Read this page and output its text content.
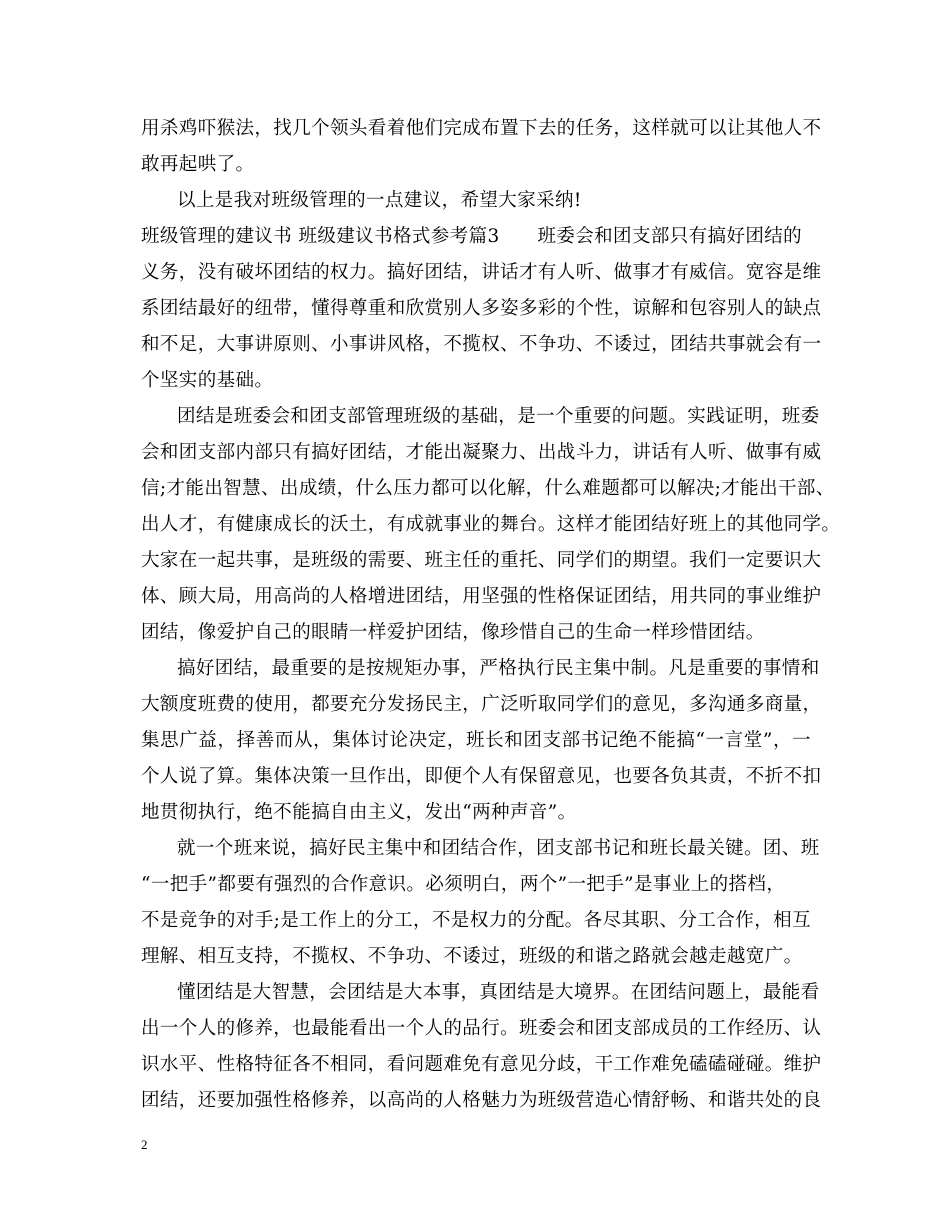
用杀鸡吓猴法，找几个领头看着他们完成布置下去的任务，这样就可以让其他人不
敢再起哄了。
以上是我对班级管理的一点建议，希望大家采纳!
班级管理的建议书 班级建议书格式参考篇3　　班委会和团支部只有搞好团结的
义务，没有破坏团结的权力。搞好团结，讲话才有人听、做事才有威信。宽容是维
系团结最好的纽带，懂得尊重和欣赏别人多姿多彩的个性，谅解和包容别人的缺点
和不足，大事讲原则、小事讲风格，不揽权、不争功、不诿过，团结共事就会有一
个坚实的基础。
团结是班委会和团支部管理班级的基础，是一个重要的问题。实践证明，班委
会和团支部内部只有搞好团结，才能出凝聚力、出战斗力，讲话有人听、做事有威
信;才能出智慧、出成绩，什么压力都可以化解，什么难题都可以解决;才能出干部、
出人才，有健康成长的沃土，有成就事业的舞台。这样才能团结好班上的其他同学。
大家在一起共事，是班级的需要、班主任的重托、同学们的期望。我们一定要识大
体、顾大局，用高尚的人格增进团结，用坚强的性格保证团结，用共同的事业维护
团结，像爱护自己的眼睛一样爱护团结，像珍惜自己的生命一样珍惜团结。
搞好团结，最重要的是按规矩办事，严格执行民主集中制。凡是重要的事情和
大额度班费的使用，都要充分发扬民主，广泛听取同学们的意见，多沟通多商量，
集思广益，择善而从，集体讨论决定，班长和团支部书记绝不能搞“一言堂”，一
个人说了算。集体决策一旦作出，即便个人有保留意见，也要各负其责，不折不扣
地贯彻执行，绝不能搞自由主义，发出“两种声音”。
就一个班来说，搞好民主集中和团结合作，团支部书记和班长最关键。团、班
“一把手”都要有强烈的合作意识。必须明白，两个”一把手”是事业上的搭档，
不是竞争的对手;是工作上的分工，不是权力的分配。各尽其职、分工合作，相互
理解、相互支持，不揽权、不争功、不诿过，班级的和谐之路就会越走越宽广。
懂团结是大智慧，会团结是大本事，真团结是大境界。在团结问题上，最能看
出一个人的修养，也最能看出一个人的品行。班委会和团支部成员的工作经历、认
识水平、性格特征各不相同，看问题难免有意见分歧，干工作难免磕磕碰碰。维护
团结，还要加强性格修养，以高尚的人格魅力为班级营造心情舒畅、和谐共处的良
2
